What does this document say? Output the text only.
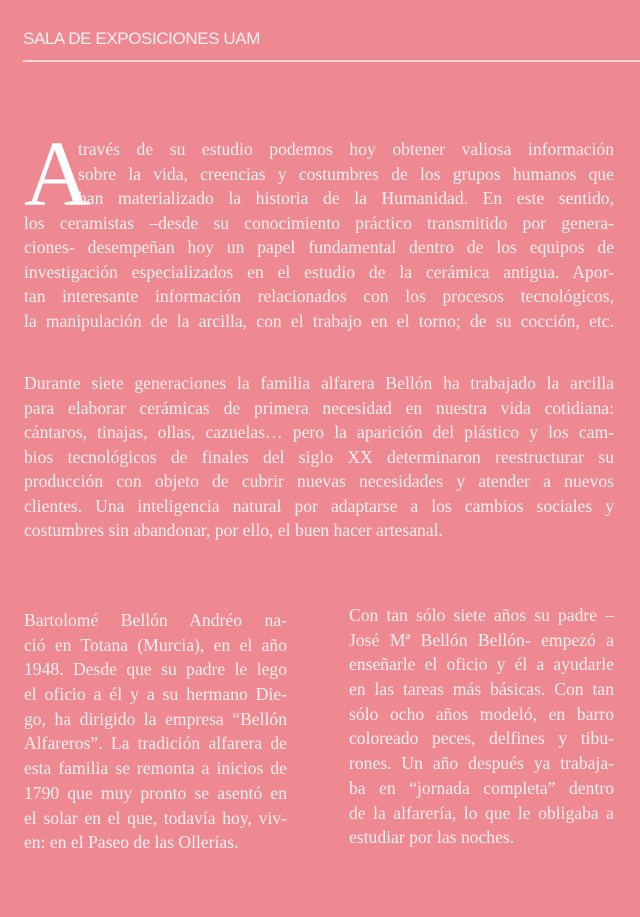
SALA DE EXPOSICIONES UAM
A
través de su estudio podemos hoy obtener valiosa información
sobre la vida, creencias y costumbres de los grupos humanos que
han materializado la historia de la Humanidad. En este sentido,
los ceramistas –desde su conocimiento práctico transmitido por genera-
ciones- desempeñan hoy un papel fundamental dentro de los equipos de
investigación especializados en el estudio de la cerámica antigua. Apor-
tan interesante información relacionados con los procesos tecnológicos,
la manipulación de la arcilla, con el trabajo en el torno; de su cocción, etc.
Durante siete generaciones la familia alfarera Bellón ha trabajado la arcilla
para elaborar cerámicas de primera necesidad en nuestra vida cotidiana:
cántaros, tinajas, ollas, cazuelas… pero la aparición del plástico y los cam-
bios tecnológicos de finales del siglo XX determinaron reestructurar su
producción con objeto de cubrir nuevas necesidades y atender a nuevos
clientes. Una inteligencia natural por adaptarse a los cambios sociales y
costumbres sin abandonar, por ello, el buen hacer artesanal.
Bartolomé Bellón Andréo na-
ció en Totana (Murcia), en el año
1948. Desde que su padre le lego
el oficio a él y a su hermano Die-
go, ha dirigido la empresa “Bellón
Alfareros”. La tradición alfarera de
esta familia se remonta a inicios de
1790 que muy pronto se asentó en
el solar en el que, todavía hoy, viv-
en: en el Paseo de las Ollerías.
Con tan sólo siete años su padre –
José Mª Bellón Bellón- empezó a
enseñarle el oficio y él a ayudarle
en las tareas más básicas. Con tan
sólo ocho años modeló, en barro
coloreado peces, delfines y tibu-
rones. Un año después ya trabaja-
ba en “jornada completa” dentro
de la alfarería, lo que le obligaba a
estudiar por las noches.
